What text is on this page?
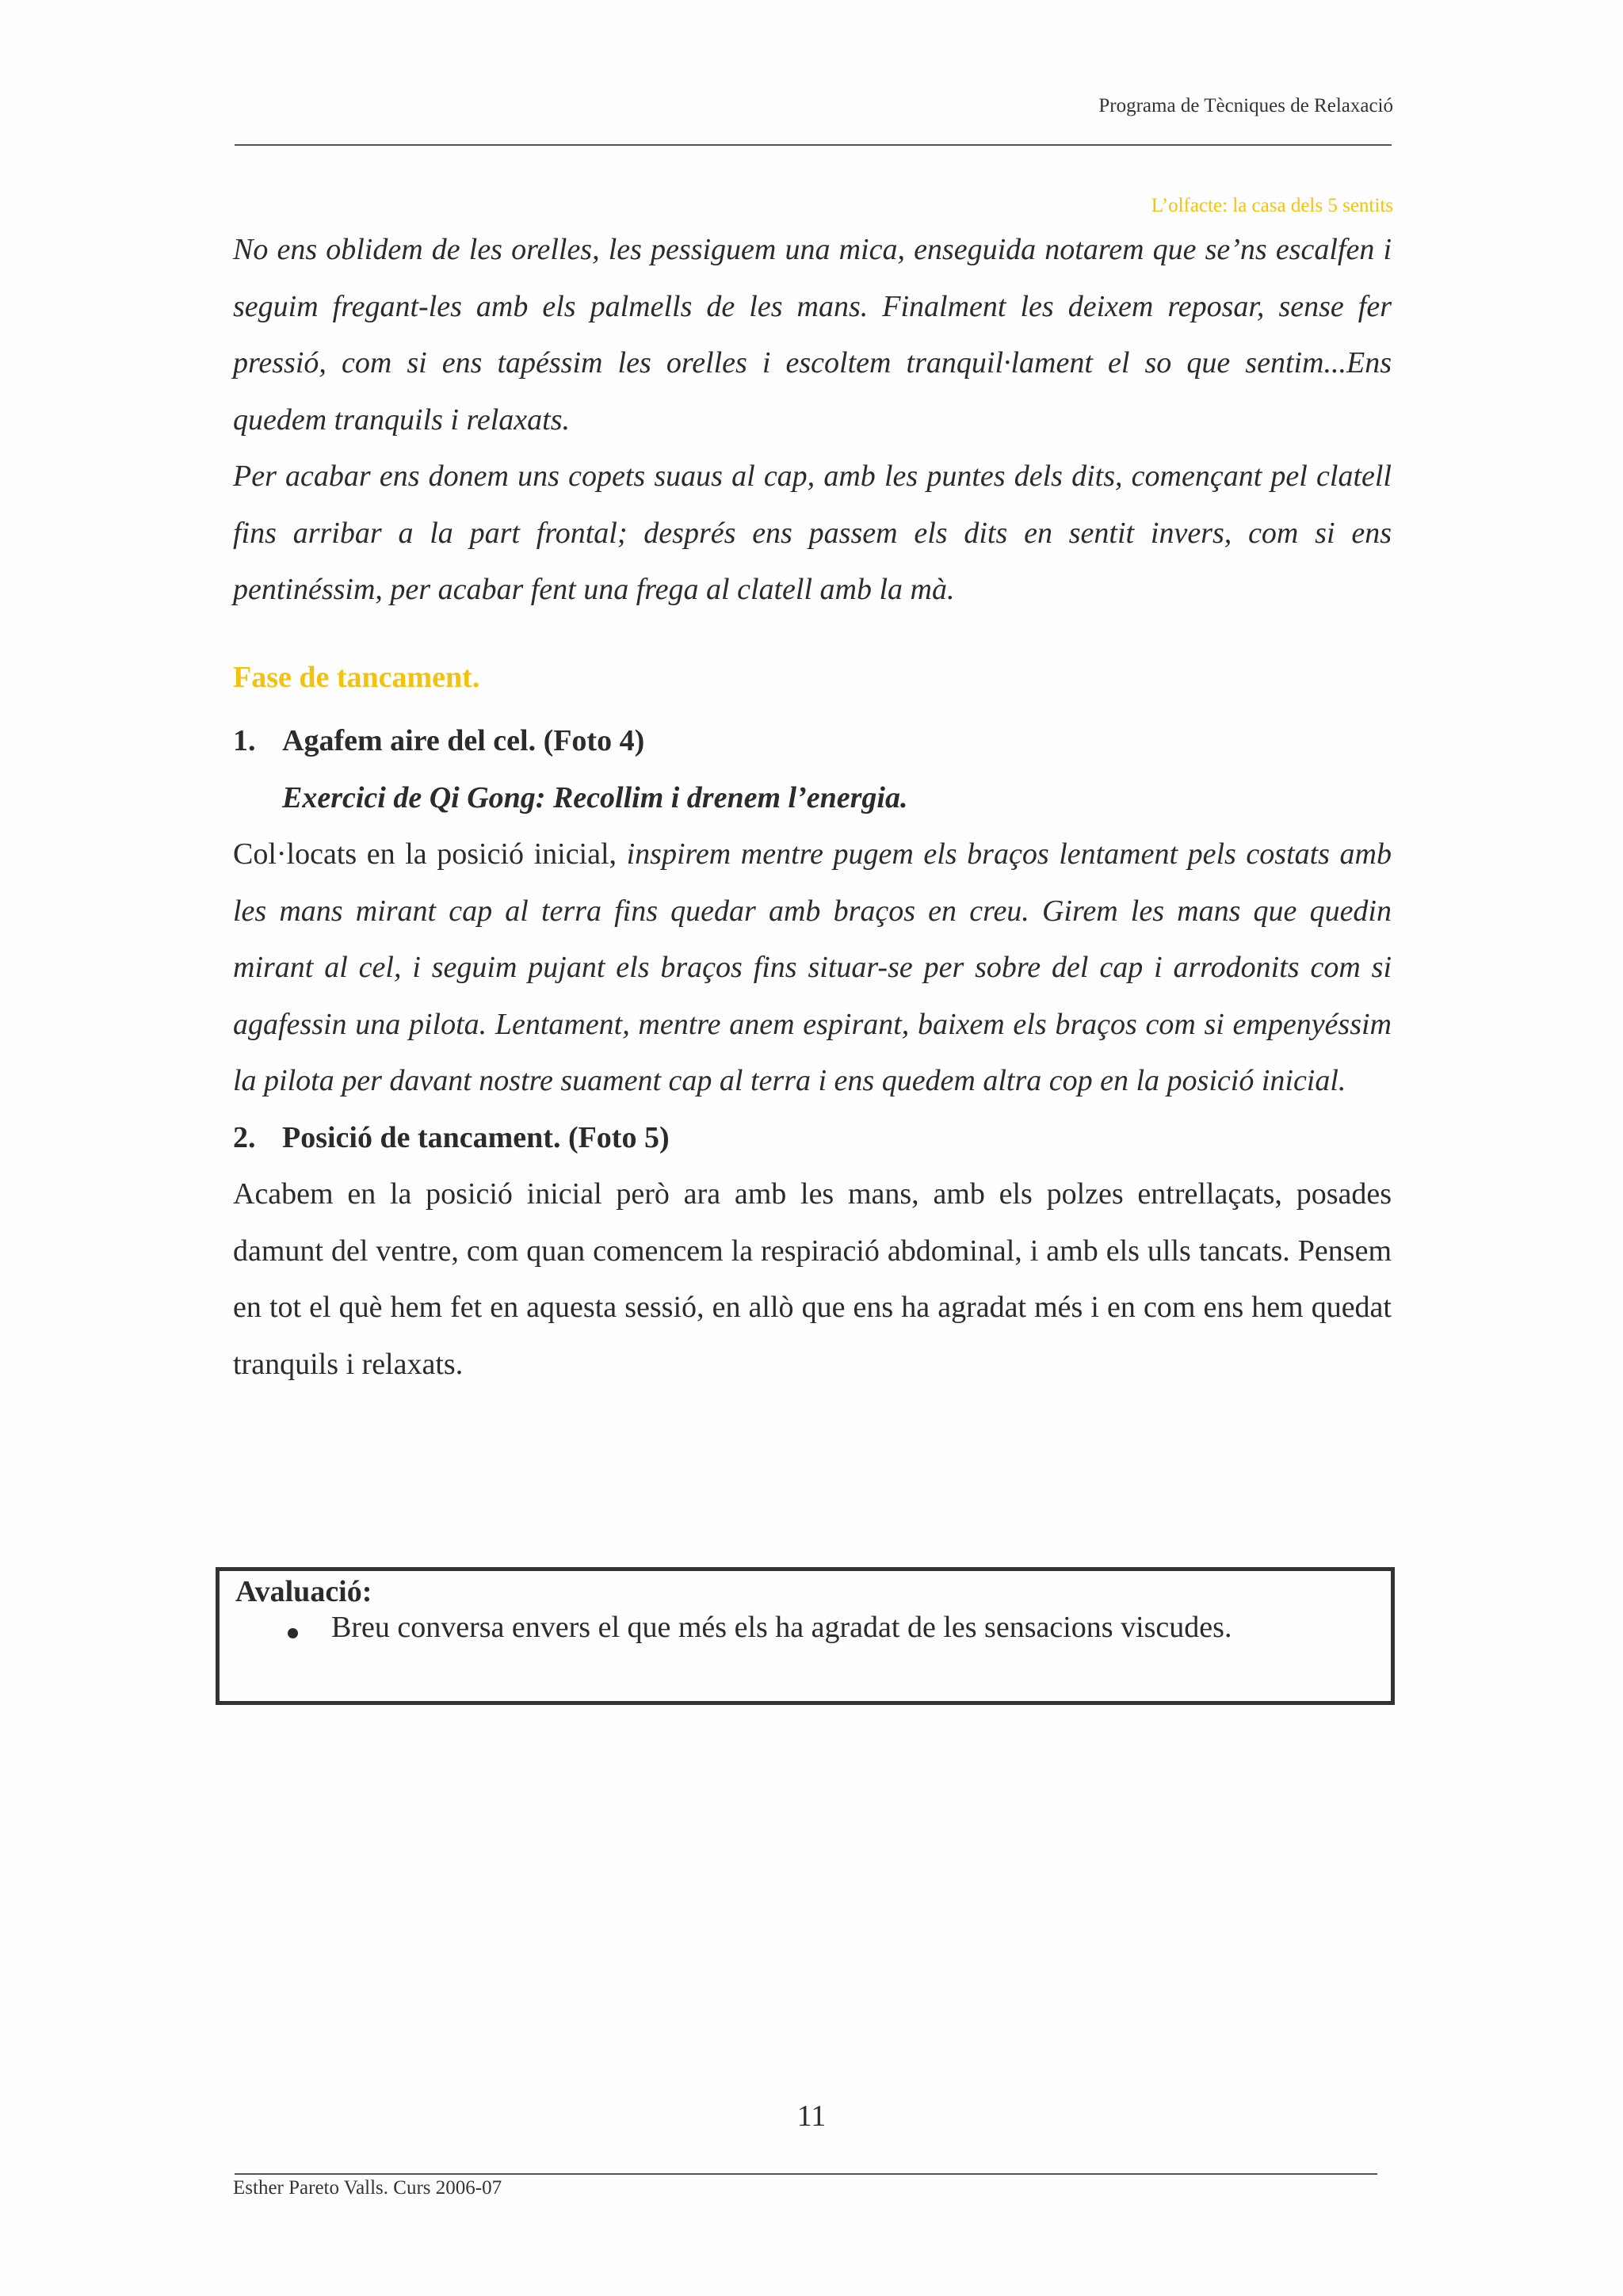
Programa de Tècniques de Relaxació
L’olfacte: la casa dels 5 sentits

No ens oblidem de les orelles, les pessiguem una mica, enseguida notarem que se’ns escalfen i seguim fregant-les amb els palmells de les mans. Finalment les deixem reposar, sense fer pressió, com si ens tapéssim les orelles i escoltem tranquil·lament el so que sentim...Ens quedem tranquils i relaxats.

Per acabar ens donem uns copets suaus al cap, amb les puntes dels dits, començant pel clatell fins arribar a la part frontal; després ens passem els dits en sentit invers, com si ens pentinéssim, per acabar fent una frega al clatell amb la mà.

Fase de tancament.

1. Agafem aire del cel. (Foto 4)

Exercici de Qi Gong: Recollim i drenem l’energia.

Col·locats en la posició inicial, inspirem mentre pugem els braços lentament pels costats amb les mans mirant cap al terra fins quedar amb braços en creu. Girem les mans que quedin mirant al cel, i seguim pujant els braços fins situar-se per sobre del cap i arrodonits com si agafessin una pilota. Lentament, mentre anem espirant, baixem els braços com si empenyéssim la pilota per davant nostre suament cap al terra i ens quedem altra cop en la posició inicial.

2. Posició de tancament. (Foto 5)

Acabem en la posició inicial però ara amb les mans, amb els polzes entrellaçats, posades damunt del ventre, com quan comencem la respiració abdominal, i amb els ulls tancats. Pensem en tot el què hem fet en aquesta sessió, en allò que ens ha agradat més i en com ens hem quedat tranquils i relaxats.

Avaluació:
Breu conversa envers el que més els ha agradat de les sensacions viscudes.
11
Esther Pareto Valls. Curs 2006-07
